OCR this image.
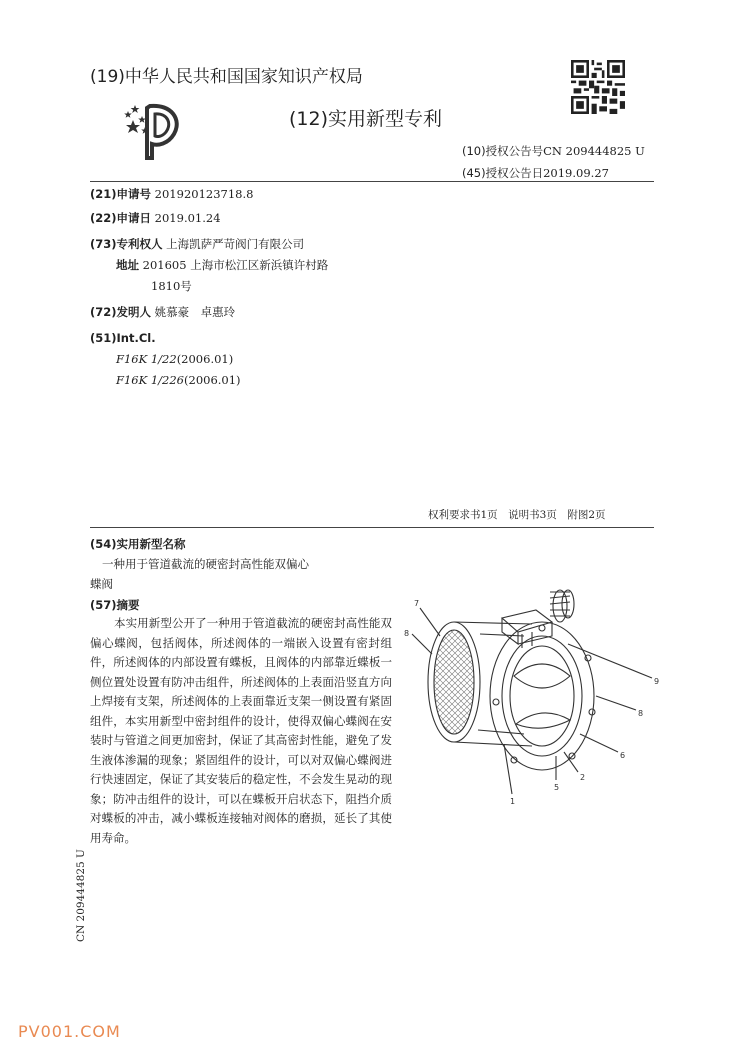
(19)中华人民共和国国家知识产权局
(12)实用新型专利
(10)授权公告号CN 209444825 U
(45)授权公告日2019.09.27
(21)申请号 201920123718.8
(22)申请日 2019.01.24
(73)专利权人 上海凯萨严苛阀门有限公司
地址 201605 上海市松江区新浜镇许村路
1810号
(72)发明人 姚慕豪　卓惠玲
(51)Int.Cl.
F16K 1/22(2006.01)
F16K 1/226(2006.01)
权利要求书1页　说明书3页　附图2页
(54)实用新型名称
一种用于管道截流的硬密封高性能双偏心
蝶阀
(57)摘要
本实用新型公开了一种用于管道截流的硬密封高性能双偏心蝶阀，包括阀体，所述阀体的一端嵌入设置有密封组件，所述阀体的内部设置有蝶板，且阀体的内部靠近蝶板一侧位置处设置有防冲击组件，所述阀体的上表面沿竖直方向上焊接有支架，所述阀体的上表面靠近支架一侧设置有紧固组件，本实用新型中密封组件的设计，使得双偏心蝶阀在安装时与管道之间更加密封，保证了其高密封性能，避免了发生液体渗漏的现象；紧固组件的设计，可以对双偏心蝶阀进行快速固定，保证了其安装后的稳定性，不会发生晃动的现象；防冲击组件的设计，可以在蝶板开启状态下，阻挡介质对蝶板的冲击，减小蝶板连接轴对阀体的磨损，延长了其使用寿命。
7
8
9
8
6
2
5
1
CN 209444825 U
PV001.COM
